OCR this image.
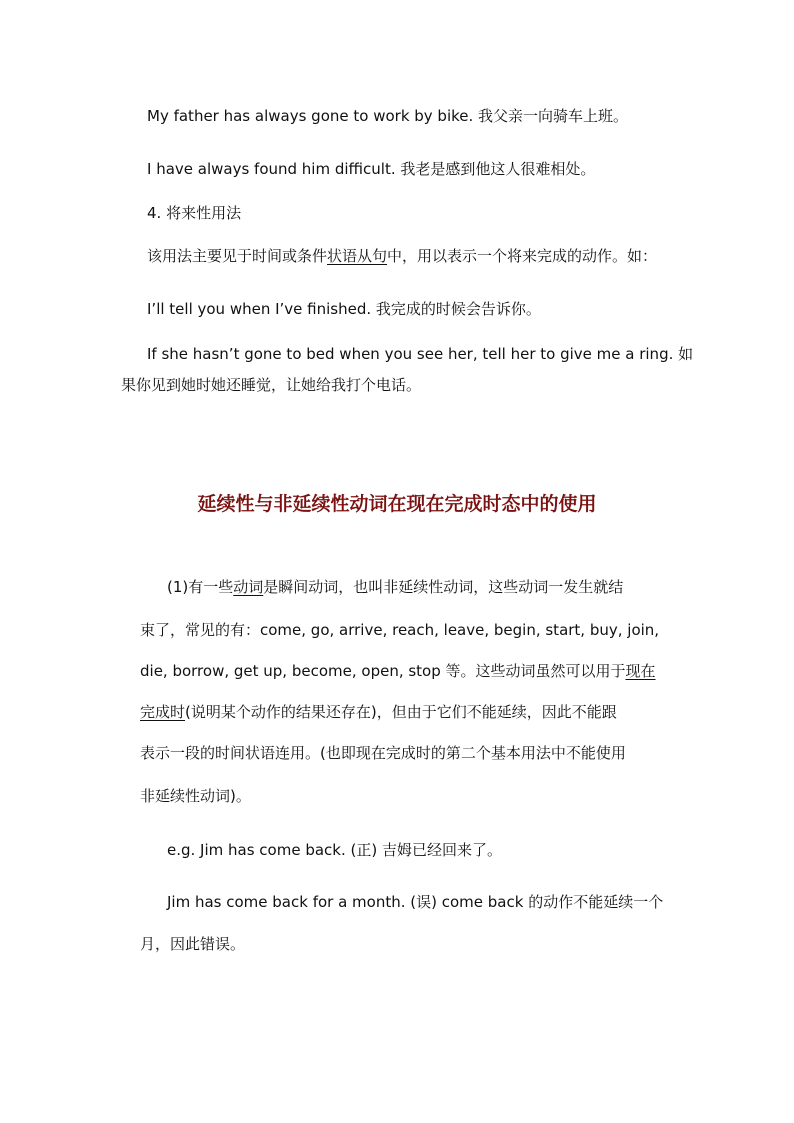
My father has always gone to work by bike. 我父亲一向骑车上班。
I have always found him difficult. 我老是感到他这人很难相处。
4. 将来性用法
该用法主要见于时间或条件状语从句中，用以表示一个将来完成的动作。如：
I’ll tell you when I’ve finished. 我完成的时候会告诉你。
If she hasn’t gone to bed when you see her, tell her to give me a ring. 如
果你见到她时她还睡觉，让她给我打个电话。
延续性与非延续性动词在现在完成时态中的使用
(1)有一些动词是瞬间动词，也叫非延续性动词，这些动词一发生就结
束了，常见的有：come, go, arrive, reach, leave, begin, start, buy, join,
die, borrow, get up, become, open, stop 等。这些动词虽然可以用于现在
完成时(说明某个动作的结果还存在)，但由于它们不能延续，因此不能跟
表示一段的时间状语连用。(也即现在完成时的第二个基本用法中不能使用
非延续性动词)。
e.g. Jim has come back. (正) 吉姆已经回来了。
Jim has come back for a month. (误) come back 的动作不能延续一个
月，因此错误。
